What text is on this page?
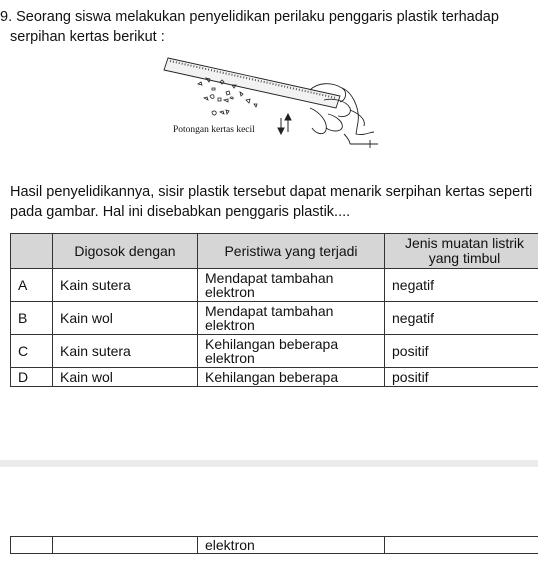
9. Seorang siswa melakukan penyelidikan perilaku penggaris plastik terhadap
serpihan kertas berikut :
Potongan kertas kecil
Hasil penyelidikannya, sisir plastik tersebut dapat menarik serpihan kertas seperti
pada gambar. Hal ini disebabkan penggaris plastik....
	Digosok dengan	Peristiwa yang terjadi	Jenis muatan listrik yang timbul
A	Kain sutera	Mendapat tambahan elektron	negatif
B	Kain wol	Mendapat tambahan elektron	negatif
C	Kain sutera	Kehilangan beberapa elektron	positif
D	Kain wol	Kehilangan beberapa	positif
		elektron	
